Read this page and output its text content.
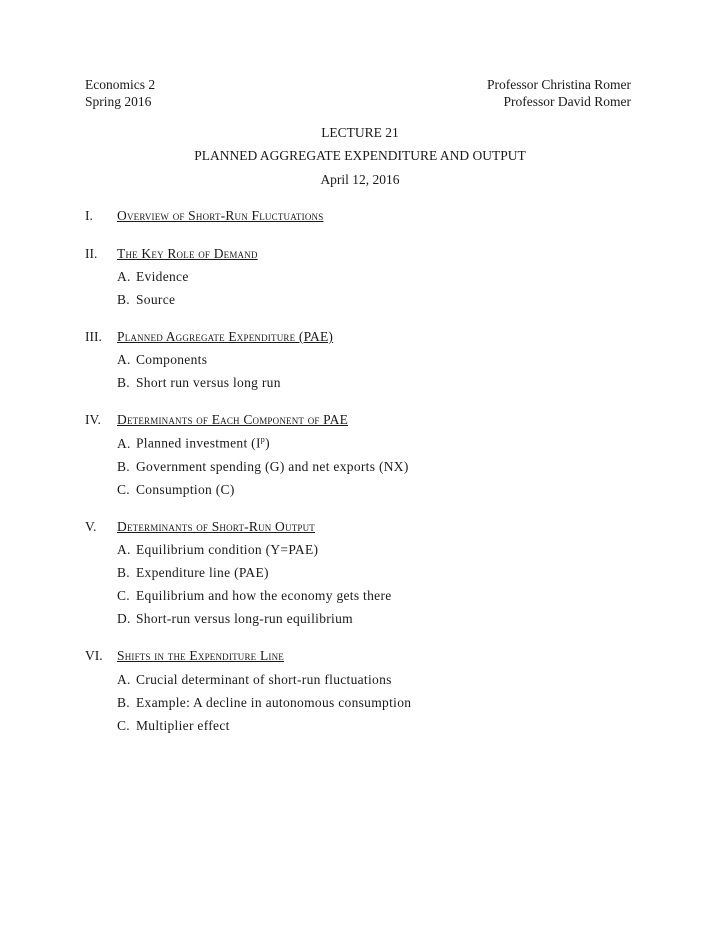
Economics 2
Spring 2016
Professor Christina Romer
Professor David Romer
LECTURE 21
PLANNED AGGREGATE EXPENDITURE AND OUTPUT
April 12, 2016
I. Overview of Short-Run Fluctuations
II. The Key Role of Demand
A. Evidence
B. Source
III. Planned Aggregate Expenditure (PAE)
A. Components
B. Short run versus long run
IV. Determinants of Each Component of PAE
A. Planned investment $(I^p)$
B. Government spending (G) and net exports (NX)
C. Consumption (C)
V. Determinants of Short-Run Output
A. Equilibrium condition (Y=PAE)
B. Expenditure line (PAE)
C. Equilibrium and how the economy gets there
D. Short-run versus long-run equilibrium
VI. Shifts in the Expenditure Line
A. Crucial determinant of short-run fluctuations
B. Example: A decline in autonomous consumption
C. Multiplier effect
